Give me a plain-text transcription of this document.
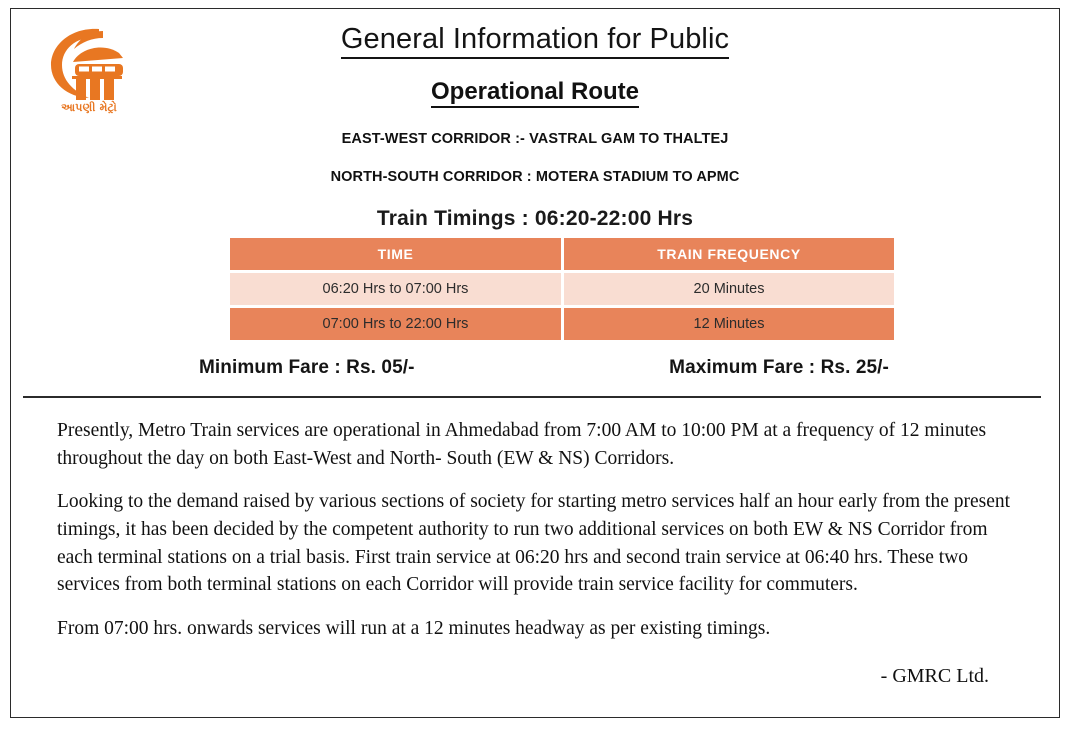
આપણી મેટ્રો
General Information for Public
Operational Route

EAST-WEST CORRIDOR :- VASTRAL GAM TO THALTEJ

NORTH-SOUTH CORRIDOR : MOTERA STADIUM TO APMC

Train Timings : 06:20-22:00 Hrs

TIME	TRAIN FREQUENCY
06:20 Hrs to 07:00 Hrs	20 Minutes
07:00 Hrs to 22:00 Hrs	12 Minutes
Minimum Fare : Rs. 05/-	Maximum Fare : Rs. 25/-

Presently, Metro Train services are operational in Ahmedabad from 7:00 AM to 10:00 PM at a frequency of 12 minutes throughout the day on both East-West and North- South (EW & NS) Corridors.

Looking to the demand raised by various sections of society for starting metro services half an hour early from the present timings, it has been decided by the competent authority to run two additional services on both EW & NS Corridor from each terminal stations on a trial basis. First train service at 06:20 hrs and second train service at 06:40 hrs. These two services from both terminal stations on each Corridor will provide train service facility for commuters.

From 07:00 hrs. onwards services will run at a 12 minutes headway as per existing timings.

- GMRC Ltd.
